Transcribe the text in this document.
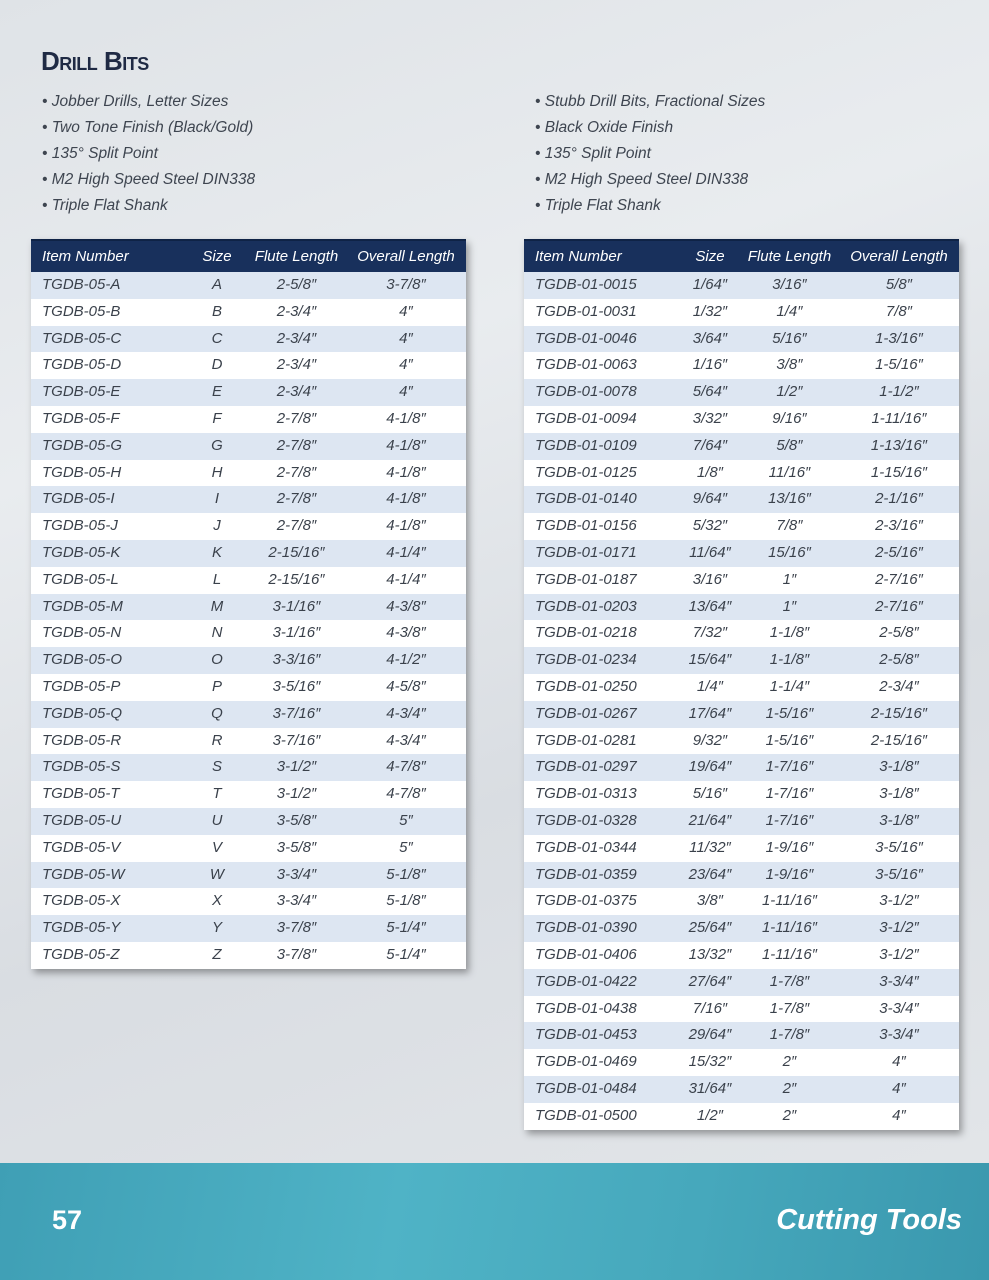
Drill Bits
• Jobber Drills, Letter Sizes
• Two Tone Finish (Black/Gold)
• 135° Split Point
• M2 High Speed Steel DIN338
• Triple Flat Shank
• Stubb Drill Bits, Fractional Sizes
• Black Oxide Finish
• 135° Split Point
• M2 High Speed Steel DIN338
• Triple Flat Shank
Item Number	Size	Flute Length	Overall Length
TGDB-05-A	A	2-5/8″	3-7/8″
TGDB-05-B	B	2-3/4″	4″
TGDB-05-C	C	2-3/4″	4″
TGDB-05-D	D	2-3/4″	4″
TGDB-05-E	E	2-3/4″	4″
TGDB-05-F	F	2-7/8″	4-1/8″
TGDB-05-G	G	2-7/8″	4-1/8″
TGDB-05-H	H	2-7/8″	4-1/8″
TGDB-05-I	I	2-7/8″	4-1/8″
TGDB-05-J	J	2-7/8″	4-1/8″
TGDB-05-K	K	2-15/16″	4-1/4″
TGDB-05-L	L	2-15/16″	4-1/4″
TGDB-05-M	M	3-1/16″	4-3/8″
TGDB-05-N	N	3-1/16″	4-3/8″
TGDB-05-O	O	3-3/16″	4-1/2″
TGDB-05-P	P	3-5/16″	4-5/8″
TGDB-05-Q	Q	3-7/16″	4-3/4″
TGDB-05-R	R	3-7/16″	4-3/4″
TGDB-05-S	S	3-1/2″	4-7/8″
TGDB-05-T	T	3-1/2″	4-7/8″
TGDB-05-U	U	3-5/8″	5″
TGDB-05-V	V	3-5/8″	5″
TGDB-05-W	W	3-3/4″	5-1/8″
TGDB-05-X	X	3-3/4″	5-1/8″
TGDB-05-Y	Y	3-7/8″	5-1/4″
TGDB-05-Z	Z	3-7/8″	5-1/4″
Item Number	Size	Flute Length	Overall Length
TGDB-01-0015	1/64″	3/16″	5/8″
TGDB-01-0031	1/32″	1/4″	7/8″
TGDB-01-0046	3/64″	5/16″	1-3/16″
TGDB-01-0063	1/16″	3/8″	1-5/16″
TGDB-01-0078	5/64″	1/2″	1-1/2″
TGDB-01-0094	3/32″	9/16″	1-11/16″
TGDB-01-0109	7/64″	5/8″	1-13/16″
TGDB-01-0125	1/8″	11/16″	1-15/16″
TGDB-01-0140	9/64″	13/16″	2-1/16″
TGDB-01-0156	5/32″	7/8″	2-3/16″
TGDB-01-0171	11/64″	15/16″	2-5/16″
TGDB-01-0187	3/16″	1″	2-7/16″
TGDB-01-0203	13/64″	1″	2-7/16″
TGDB-01-0218	7/32″	1-1/8″	2-5/8″
TGDB-01-0234	15/64″	1-1/8″	2-5/8″
TGDB-01-0250	1/4″	1-1/4″	2-3/4″
TGDB-01-0267	17/64″	1-5/16″	2-15/16″
TGDB-01-0281	9/32″	1-5/16″	2-15/16″
TGDB-01-0297	19/64″	1-7/16″	3-1/8″
TGDB-01-0313	5/16″	1-7/16″	3-1/8″
TGDB-01-0328	21/64″	1-7/16″	3-1/8″
TGDB-01-0344	11/32″	1-9/16″	3-5/16″
TGDB-01-0359	23/64″	1-9/16″	3-5/16″
TGDB-01-0375	3/8″	1-11/16″	3-1/2″
TGDB-01-0390	25/64″	1-11/16″	3-1/2″
TGDB-01-0406	13/32″	1-11/16″	3-1/2″
TGDB-01-0422	27/64″	1-7/8″	3-3/4″
TGDB-01-0438	7/16″	1-7/8″	3-3/4″
TGDB-01-0453	29/64″	1-7/8″	3-3/4″
TGDB-01-0469	15/32″	2″	4″
TGDB-01-0484	31/64″	2″	4″
TGDB-01-0500	1/2″	2″	4″
57	Cutting Tools
